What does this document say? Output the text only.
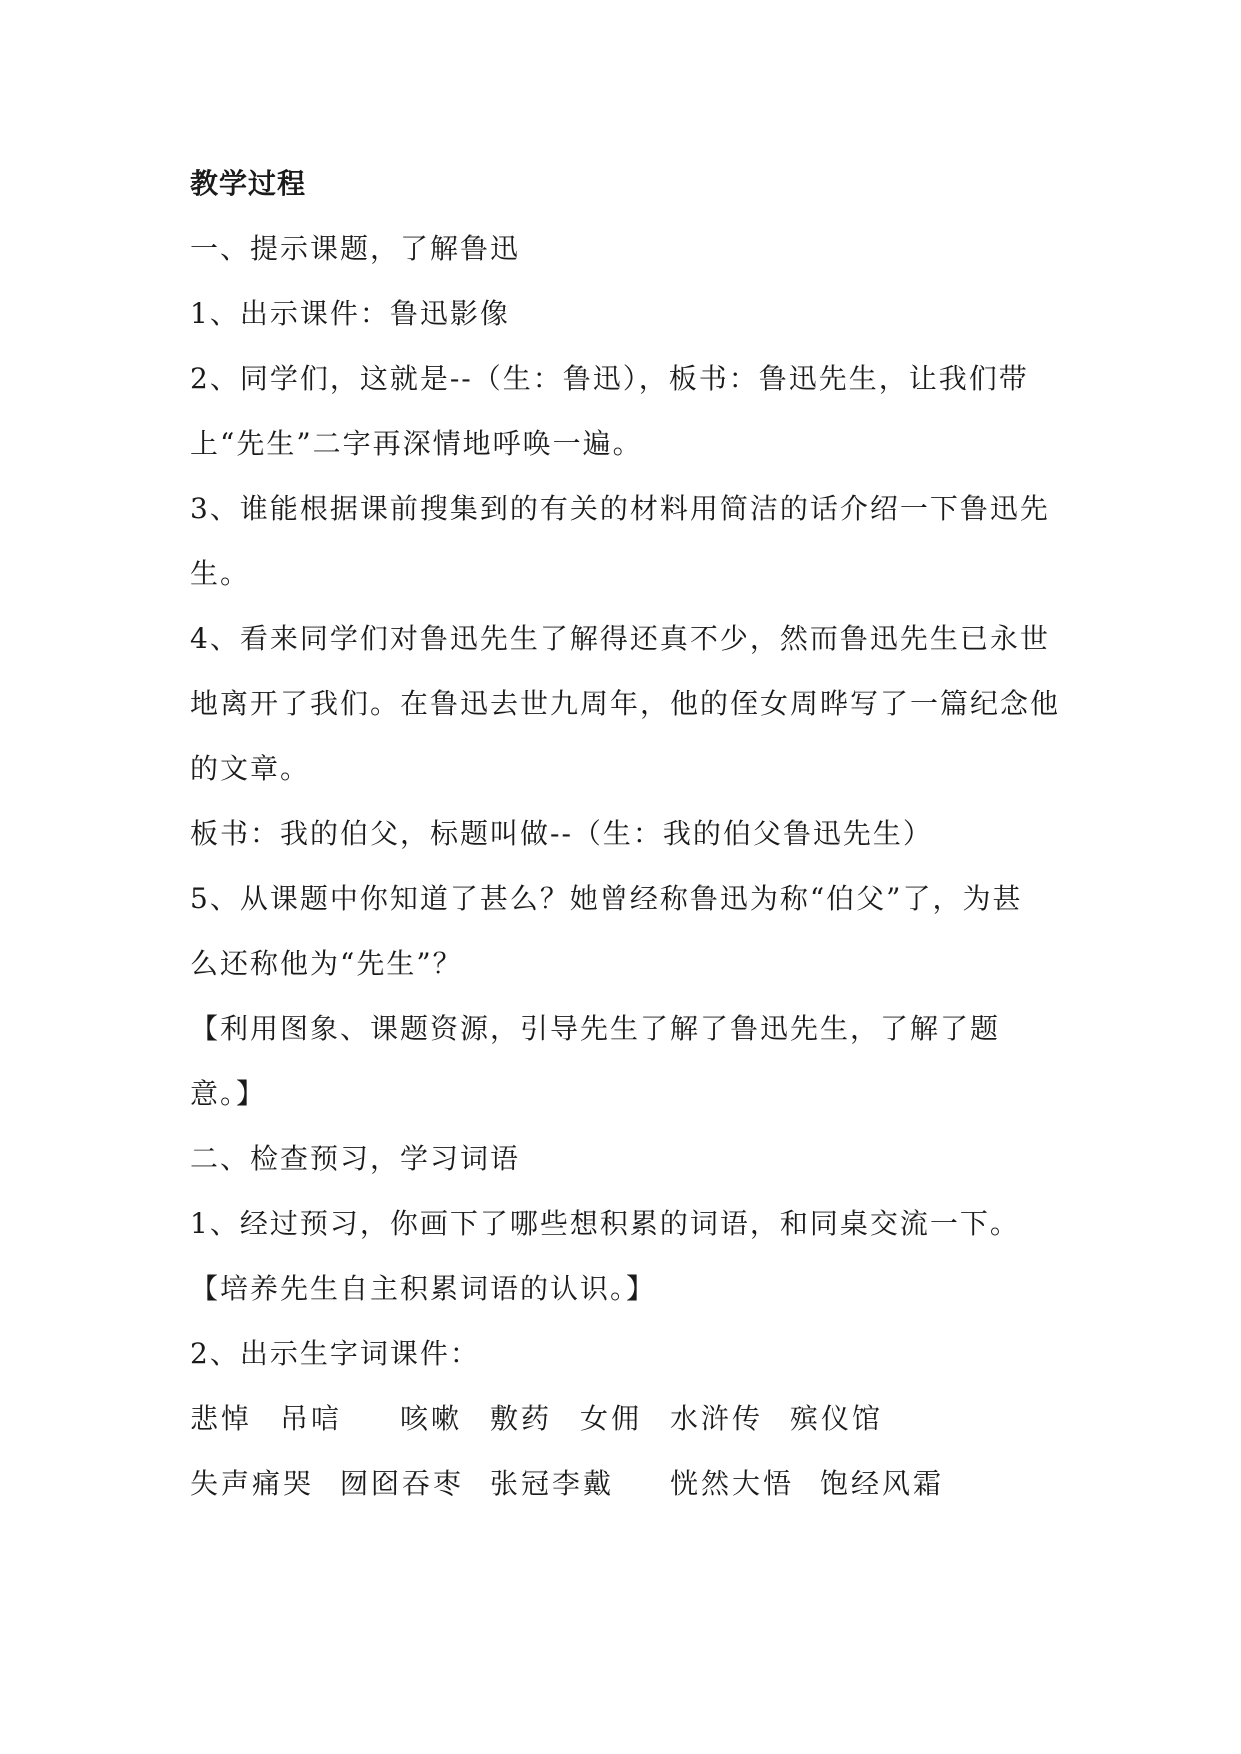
教学过程
一、提示课题，了解鲁迅
1、出示课件：鲁迅影像
2、同学们，这就是--（生：鲁迅），板书：鲁迅先生，让我们带
上“先生”二字再深情地呼唤一遍。
3、谁能根据课前搜集到的有关的材料用简洁的话介绍一下鲁迅先
生。
4、看来同学们对鲁迅先生了解得还真不少，然而鲁迅先生已永世
地离开了我们。在鲁迅去世九周年，他的侄女周晔写了一篇纪念他
的文章。
板书：我的伯父，标题叫做--（生：我的伯父鲁迅先生）
5、从课题中你知道了甚么？她曾经称鲁迅为称“伯父”了，为甚
么还称他为“先生”？
【利用图象、课题资源，引导先生了解了鲁迅先生，了解了题
意。】
二、检查预习，学习词语
1、经过预习，你画下了哪些想积累的词语，和同桌交流一下。
【培养先生自主积累词语的认识。】
2、出示生字词课件：
悲悼 吊唁 咳嗽 敷药 女佣 水浒传 殡仪馆
失声痛哭 囫囵吞枣 张冠李戴 恍然大悟 饱经风霜
